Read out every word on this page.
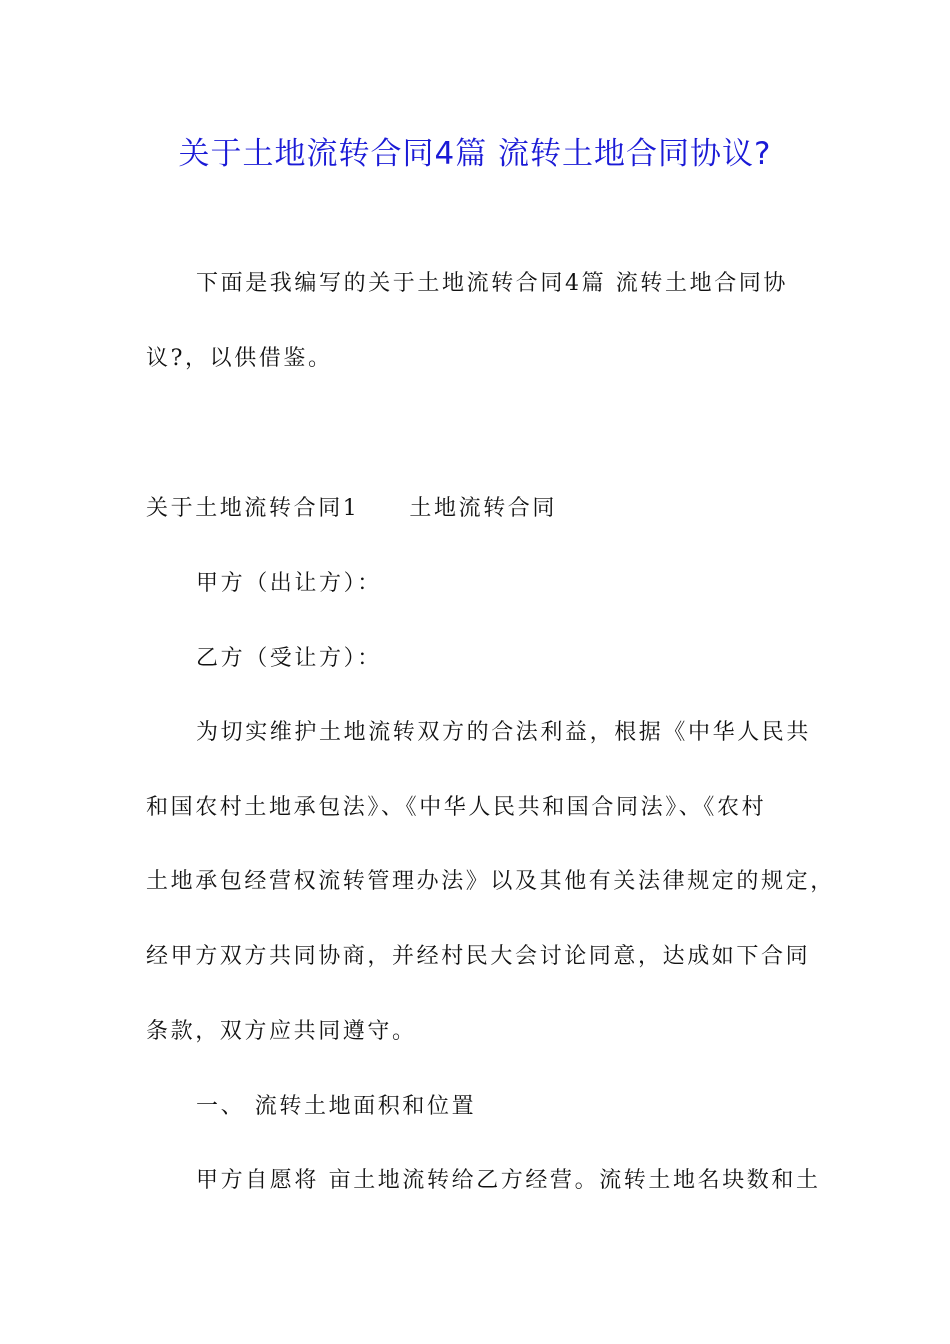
关于土地流转合同4篇 流转土地合同协议?
下面是我编写的关于土地流转合同4篇 流转土地合同协
议?，以供借鉴。
关于土地流转合同1 土地流转合同
甲方（出让方）：
乙方（受让方）：
为切实维护土地流转双方的合法利益，根据《中华人民共
和国农村土地承包法》、《中华人民共和国合同法》、《农村
土地承包经营权流转管理办法》以及其他有关法律规定的规定，
经甲方双方共同协商，并经村民大会讨论同意，达成如下合同
条款，双方应共同遵守。
一、 流转土地面积和位置
甲方自愿将 亩土地流转给乙方经营。流转土地名块数和土
